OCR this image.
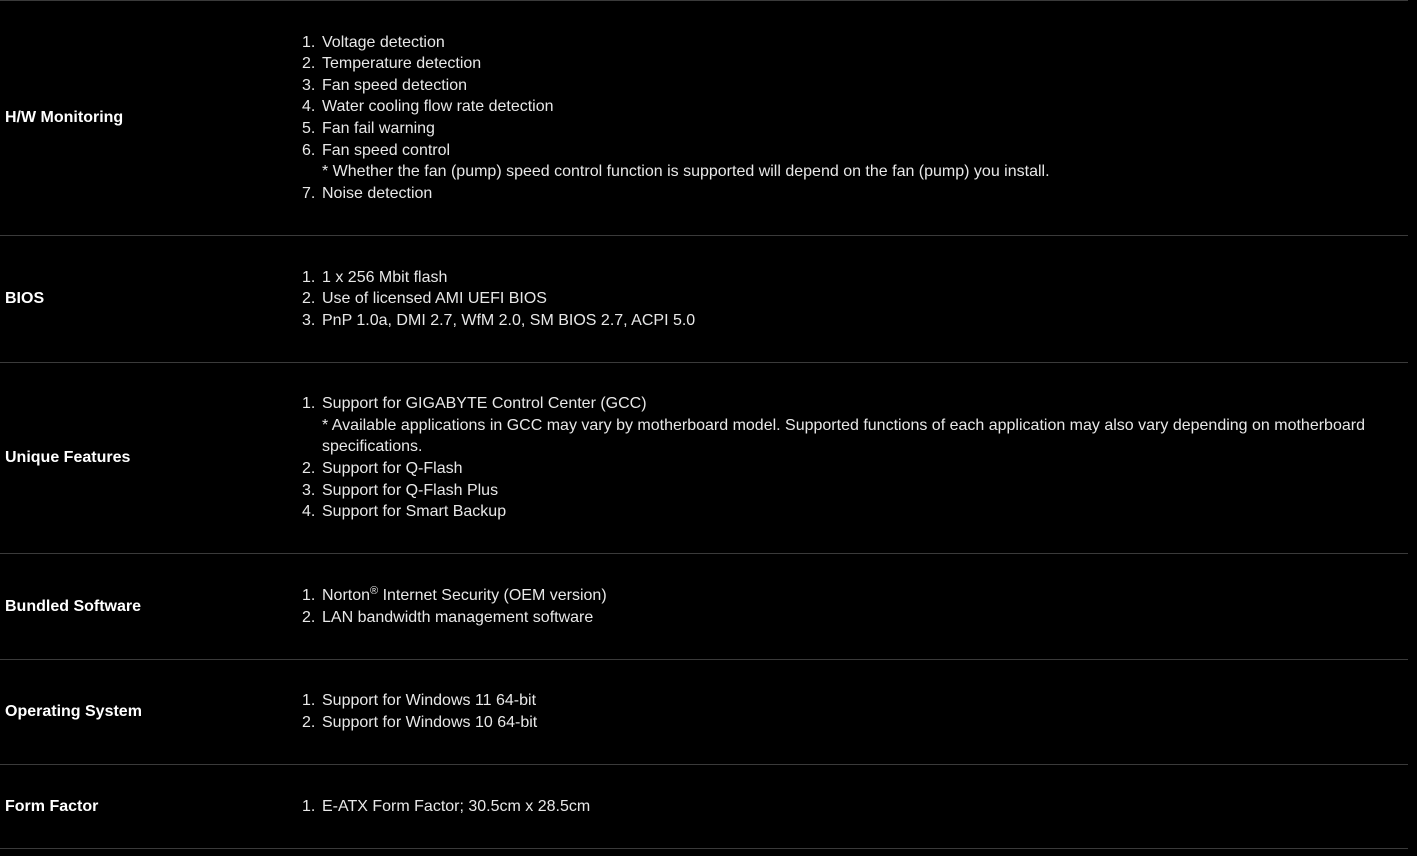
H/W Monitoring
1. Voltage detection
2. Temperature detection
3. Fan speed detection
4. Water cooling flow rate detection
5. Fan fail warning
6. Fan speed control
* Whether the fan (pump) speed control function is supported will depend on the fan (pump) you install.
7. Noise detection
BIOS
1. 1 x 256 Mbit flash
2. Use of licensed AMI UEFI BIOS
3. PnP 1.0a, DMI 2.7, WfM 2.0, SM BIOS 2.7, ACPI 5.0
Unique Features
1. Support for GIGABYTE Control Center (GCC)
* Available applications in GCC may vary by motherboard model. Supported functions of each application may also vary depending on motherboard specifications.
2. Support for Q-Flash
3. Support for Q-Flash Plus
4. Support for Smart Backup
Bundled Software
1. Norton® Internet Security (OEM version)
2. LAN bandwidth management software
Operating System
1. Support for Windows 11 64-bit
2. Support for Windows 10 64-bit
Form Factor	1. E-ATX Form Factor; 30.5cm x 28.5cm
